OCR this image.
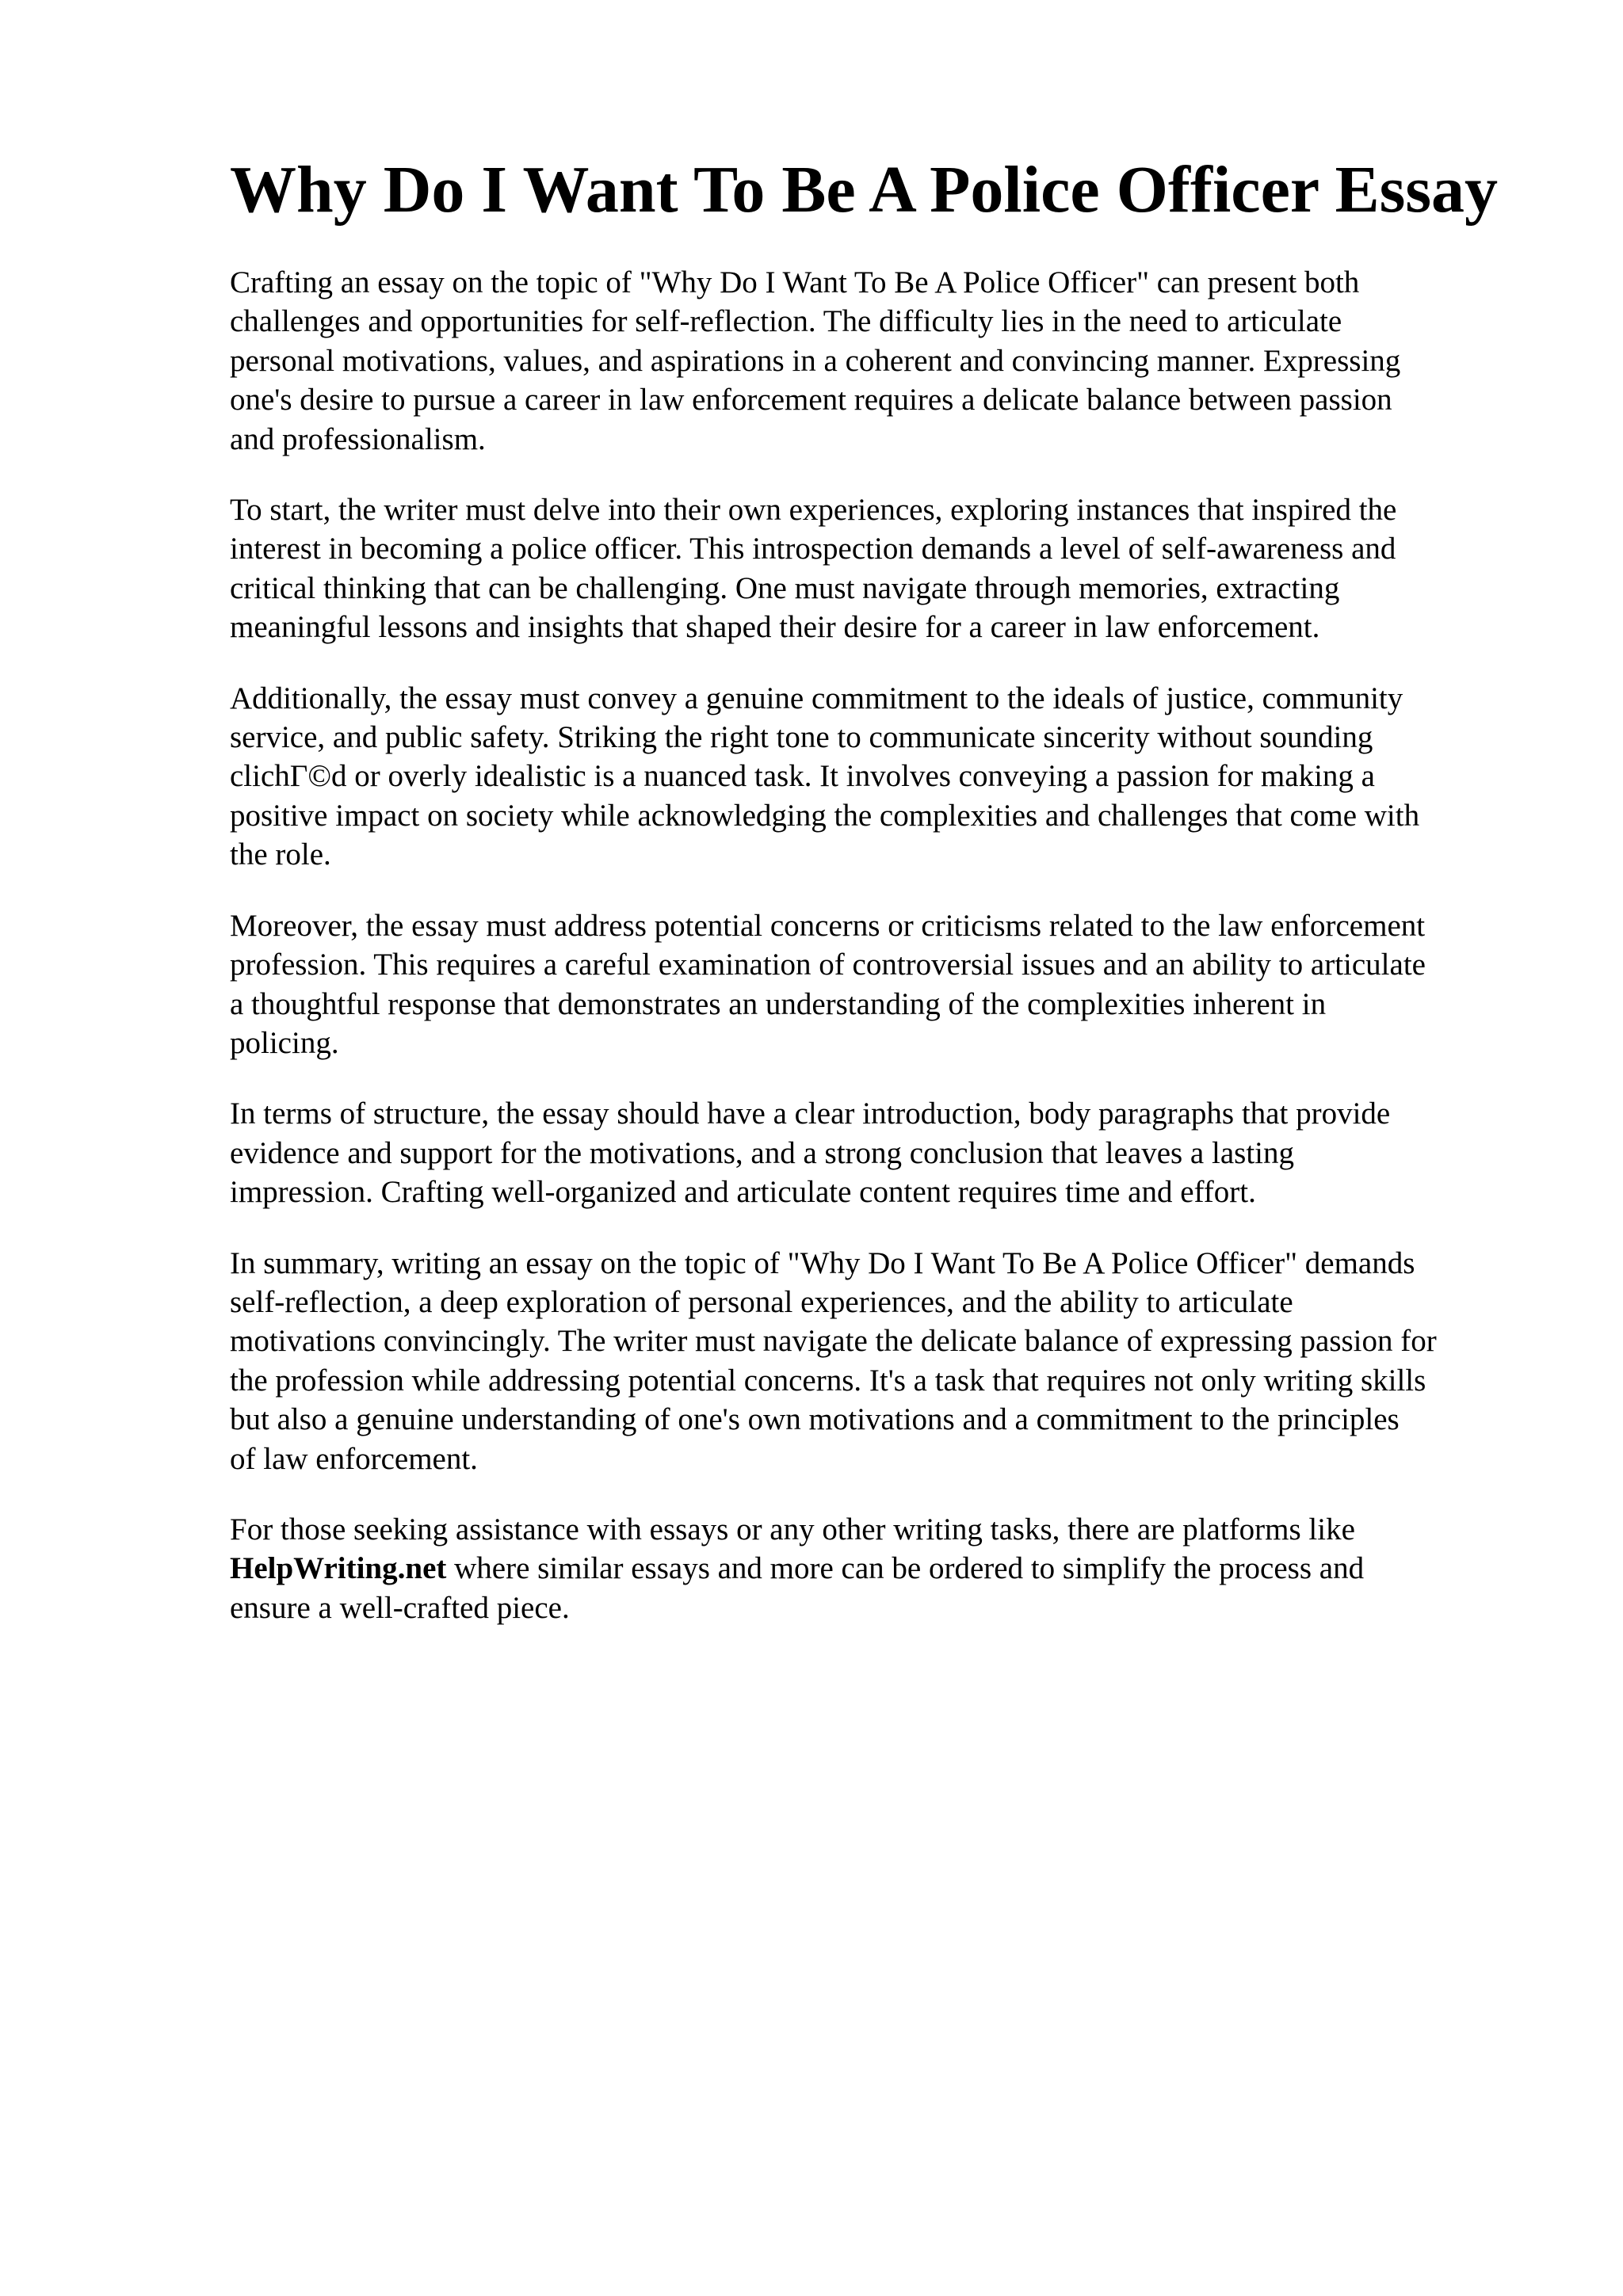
Why Do I Want To Be A Police Officer Essay

Crafting an essay on the topic of "Why Do I Want To Be A Police Officer" can present both
challenges and opportunities for self-reflection. The difficulty lies in the need to articulate
personal motivations, values, and aspirations in a coherent and convincing manner. Expressing
one's desire to pursue a career in law enforcement requires a delicate balance between passion
and professionalism.

To start, the writer must delve into their own experiences, exploring instances that inspired the
interest in becoming a police officer. This introspection demands a level of self-awareness and
critical thinking that can be challenging. One must navigate through memories, extracting
meaningful lessons and insights that shaped their desire for a career in law enforcement.

Additionally, the essay must convey a genuine commitment to the ideals of justice, community
service, and public safety. Striking the right tone to communicate sincerity without sounding
clichΓ©d or overly idealistic is a nuanced task. It involves conveying a passion for making a
positive impact on society while acknowledging the complexities and challenges that come with
the role.

Moreover, the essay must address potential concerns or criticisms related to the law enforcement
profession. This requires a careful examination of controversial issues and an ability to articulate
a thoughtful response that demonstrates an understanding of the complexities inherent in
policing.

In terms of structure, the essay should have a clear introduction, body paragraphs that provide
evidence and support for the motivations, and a strong conclusion that leaves a lasting
impression. Crafting well-organized and articulate content requires time and effort.

In summary, writing an essay on the topic of "Why Do I Want To Be A Police Officer" demands
self-reflection, a deep exploration of personal experiences, and the ability to articulate
motivations convincingly. The writer must navigate the delicate balance of expressing passion for
the profession while addressing potential concerns. It's a task that requires not only writing skills
but also a genuine understanding of one's own motivations and a commitment to the principles
of law enforcement.

For those seeking assistance with essays or any other writing tasks, there are platforms like
HelpWriting.net where similar essays and more can be ordered to simplify the process and
ensure a well-crafted piece.
